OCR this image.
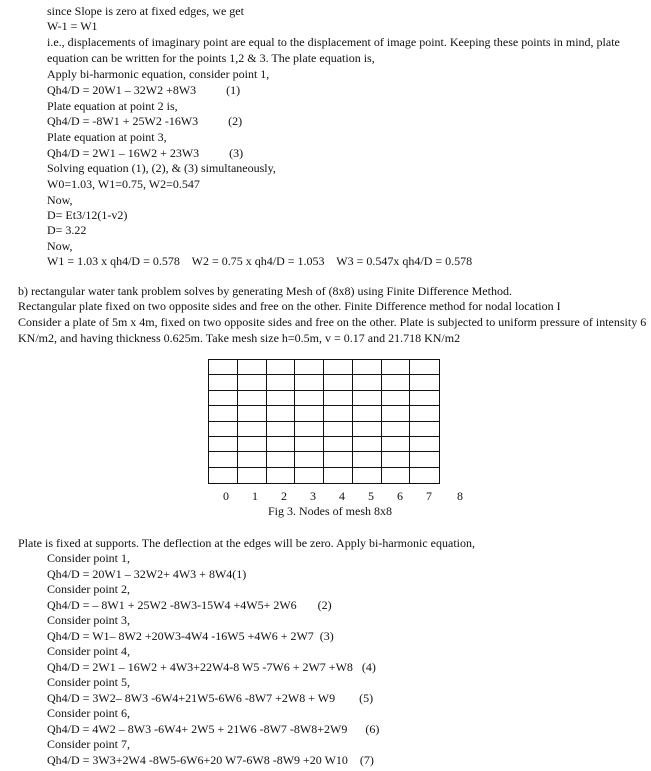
since Slope is zero at fixed edges, we get
W-1 = W1
i.e., displacements of imaginary point are equal to the displacement of image point. Keeping these points in mind, plate
equation can be written for the points 1,2 & 3. The plate equation is,
Apply bi-harmonic equation, consider point 1,
Qh4/D = 20W1 – 32W2 +8W3          (1)
Plate equation at point 2 is,
Qh4/D = -8W1 + 25W2 -16W3          (2)
Plate equation at point 3,
Qh4/D = 2W1 – 16W2 + 23W3          (3)
Solving equation (1), (2), & (3) simultaneously,
W0=1.03, W1=0.75, W2=0.547
Now,
D= Et3/12(1-v2)
D= 3.22
Now,
W1 = 1.03 x qh4/D = 0.578    W2 = 0.75 x qh4/D = 1.053    W3 = 0.547x qh4/D = 0.578
b) rectangular water tank problem solves by generating Mesh of (8x8) using Finite Difference Method.
Rectangular plate fixed on two opposite sides and free on the other. Finite Difference method for nodal location I
Consider a plate of 5m x 4m, fixed on two opposite sides and free on the other. Plate is subjected to uniform pressure of intensity 6
KN/m2, and having thickness 0.625m. Take mesh size h=0.5m, v = 0.17 and 21.718 KN/m2
0	1	2	3	4	5	6	7	8
Fig 3. Nodes of mesh 8x8
Plate is fixed at supports. The deflection at the edges will be zero. Apply bi-harmonic equation,
Consider point 1,
Qh4/D = 20W1 – 32W2+ 4W3 + 8W4(1)
Consider point 2,
Qh4/D = – 8W1 + 25W2 -8W3-15W4 +4W5+ 2W6       (2)
Consider point 3,
Qh4/D = W1– 8W2 +20W3-4W4 -16W5 +4W6 + 2W7  (3)
Consider point 4,
Qh4/D = 2W1 – 16W2 + 4W3+22W4-8 W5 -7W6 + 2W7 +W8   (4)
Consider point 5,
Qh4/D = 3W2– 8W3 -6W4+21W5-6W6 -8W7 +2W8 + W9        (5)
Consider point 6,
Qh4/D = 4W2 – 8W3 -6W4+ 2W5 + 21W6 -8W7 -8W8+2W9      (6)
Consider point 7,
Qh4/D = 3W3+2W4 -8W5-6W6+20 W7-6W8 -8W9 +20 W10    (7)
